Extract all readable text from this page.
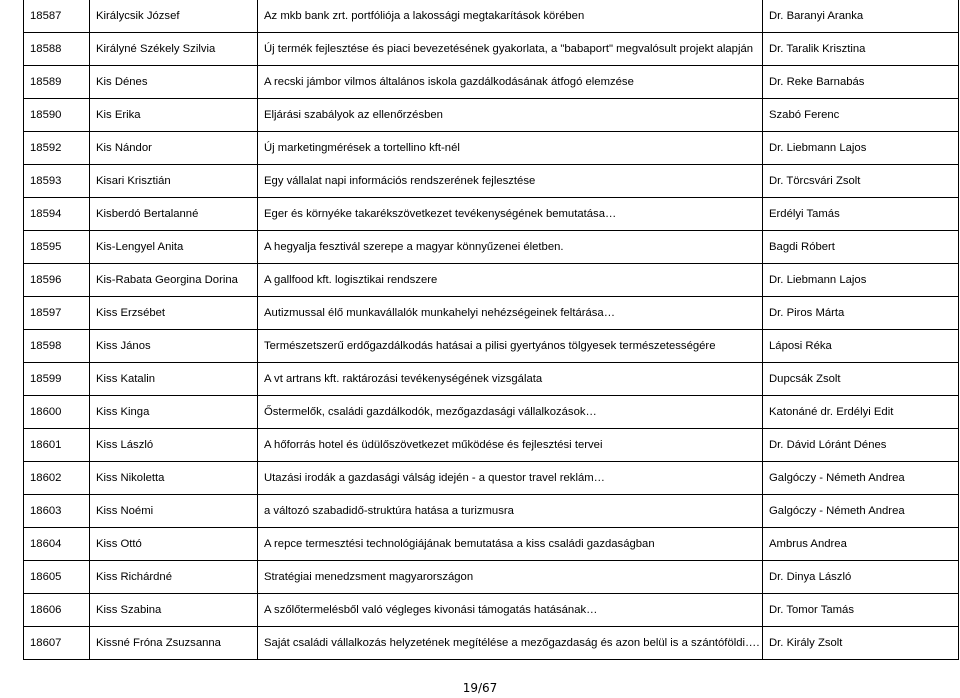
18587	Királycsik József	Az mkb bank zrt. portfóliója a lakossági megtakarítások körében	Dr. Baranyi Aranka
18588	Királyné Székely Szilvia	Új termék fejlesztése és piaci bevezetésének gyakorlata, a "babaport" megvalósult projekt alapján	Dr. Taralik Krisztina
18589	Kis Dénes	A recski jámbor vilmos általános iskola gazdálkodásának átfogó elemzése	Dr. Reke Barnabás
18590	Kis Erika	Eljárási szabályok az ellenőrzésben	Szabó Ferenc
18592	Kis Nándor	Új marketingmérések a tortellino kft-nél	Dr. Liebmann Lajos
18593	Kisari Krisztián	Egy vállalat napi információs rendszerének fejlesztése	Dr. Törcsvári Zsolt
18594	Kisberdó Bertalanné	Eger és környéke takarékszövetkezet tevékenységének bemutatása…	Erdélyi Tamás
18595	Kis-Lengyel Anita	A hegyalja fesztivál szerepe a magyar könnyűzenei életben.	Bagdi Róbert
18596	Kis-Rabata Georgina Dorina	A gallfood kft. logisztikai rendszere	Dr. Liebmann Lajos
18597	Kiss Erzsébet	Autizmussal élő munkavállalók munkahelyi nehézségeinek feltárása…	Dr. Piros Márta
18598	Kiss János	Természetszerű erdőgazdálkodás hatásai a pilisi gyertyános tölgyesek természetességére	Láposi Réka
18599	Kiss Katalin	A vt artrans kft. raktározási tevékenységének vizsgálata	Dupcsák Zsolt
18600	Kiss Kinga	Őstermelők, családi gazdálkodók, mezőgazdasági vállalkozások…	Katonáné dr. Erdélyi Edit
18601	Kiss László	A hőforrás hotel és üdülőszövetkezet működése és fejlesztési tervei	Dr. Dávid Lóránt Dénes
18602	Kiss Nikoletta	Utazási irodák a gazdasági válság idején - a questor travel reklám…	Galgóczy - Németh Andrea
18603	Kiss Noémi	a változó szabadidő-struktúra hatása a turizmusra	Galgóczy - Németh Andrea
18604	Kiss Ottó	A repce termesztési technológiájának bemutatása a kiss családi gazdaságban	Ambrus Andrea
18605	Kiss Richárdné	Stratégiai menedzsment magyarországon	Dr. Dinya László
18606	Kiss Szabina	A szőlőtermelésből való végleges kivonási támogatás hatásának…	Dr. Tomor Tamás
18607	Kissné Fróna Zsuzsanna	Saját családi vállalkozás helyzetének megítélése a mezőgazdaság és azon belül is a szántóföldi….	Dr. Király Zsolt
19/67
